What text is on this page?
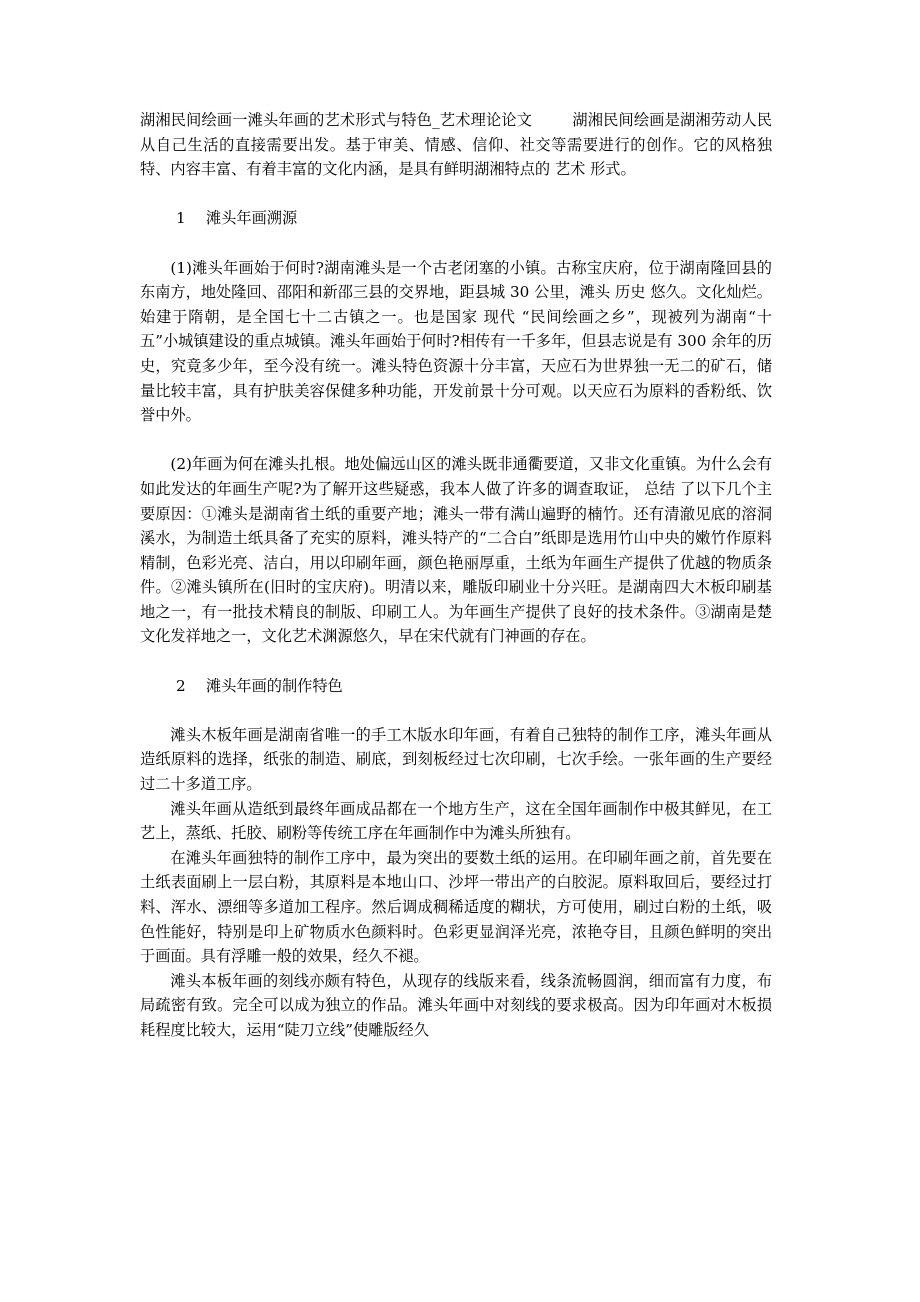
湖湘民间绘画一滩头年画的艺术形式与特色_艺术理论论文	湖湘民间绘画是湖湘劳动人民从自己生活的直接需要出发。基于审美、情感、信仰、社交等需要进行的创作。它的风格独特、内容丰富、有着丰富的文化内涵，是具有鲜明湖湘特点的 艺术 形式。

1 滩头年画溯源

(1)滩头年画始于何时?湖南滩头是一个古老闭塞的小镇。古称宝庆府，位于湖南隆回县的东南方，地处隆回、邵阳和新邵三县的交界地，距县城 30 公里，滩头 历史 悠久。文化灿烂。始建于隋朝，是全国七十二古镇之一。也是国家 现代 “民间绘画之乡”，现被列为湖南“十五”小城镇建设的重点城镇。滩头年画始于何时?相传有一千多年，但县志说是有 300 余年的历史，究竟多少年，至今没有统一。滩头特色资源十分丰富，天应石为世界独一无二的矿石，储量比较丰富，具有护肤美容保健多种功能，开发前景十分可观。以天应石为原料的香粉纸、饮誉中外。

(2)年画为何在滩头扎根。地处偏远山区的滩头既非通衢要道，又非文化重镇。为什么会有如此发达的年画生产呢?为了解开这些疑惑，我本人做了许多的调查取证， 总结 了以下几个主要原因：①滩头是湖南省土纸的重要产地；滩头一带有满山遍野的楠竹。还有清澈见底的溶洞溪水，为制造土纸具备了充实的原料，滩头特产的“二合白”纸即是选用竹山中央的嫩竹作原料精制，色彩光亮、洁白，用以印刷年画，颜色艳丽厚重，土纸为年画生产提供了优越的物质条件。②滩头镇所在(旧时的宝庆府)。明清以来，雕版印刷业十分兴旺。是湖南四大木板印刷基地之一，有一批技术精良的制版、印刷工人。为年画生产提供了良好的技术条件。③湖南是楚文化发祥地之一，文化艺术渊源悠久，早在宋代就有门神画的存在。

2 滩头年画的制作特色

滩头木板年画是湖南省唯一的手工木版水印年画，有着自己独特的制作工序，滩头年画从造纸原料的选择，纸张的制造、刷底，到刻板经过七次印刷，七次手绘。一张年画的生产要经过二十多道工序。

滩头年画从造纸到最终年画成品都在一个地方生产，这在全国年画制作中极其鲜见，在工艺上，蒸纸、托胶、刷粉等传统工序在年画制作中为滩头所独有。

在滩头年画独特的制作工序中，最为突出的要数土纸的运用。在印刷年画之前，首先要在土纸表面刷上一层白粉，其原料是本地山口、沙坪一带出产的白胶泥。原料取回后，要经过打料、浑水、漂细等多道加工程序。然后调成稠稀适度的糊状，方可使用，刷过白粉的土纸，吸色性能好，特别是印上矿物质水色颜料时。色彩更显润泽光亮，浓艳夺目，且颜色鲜明的突出于画面。具有浮雕一般的效果，经久不褪。

滩头本板年画的刻线亦颇有特色，从现存的线版来看，线条流畅圆润，细而富有力度，布局疏密有致。完全可以成为独立的作品。滩头年画中对刻线的要求极高。因为印年画对木板损耗程度比较大，运用“陡刀立线”使雕版经久
